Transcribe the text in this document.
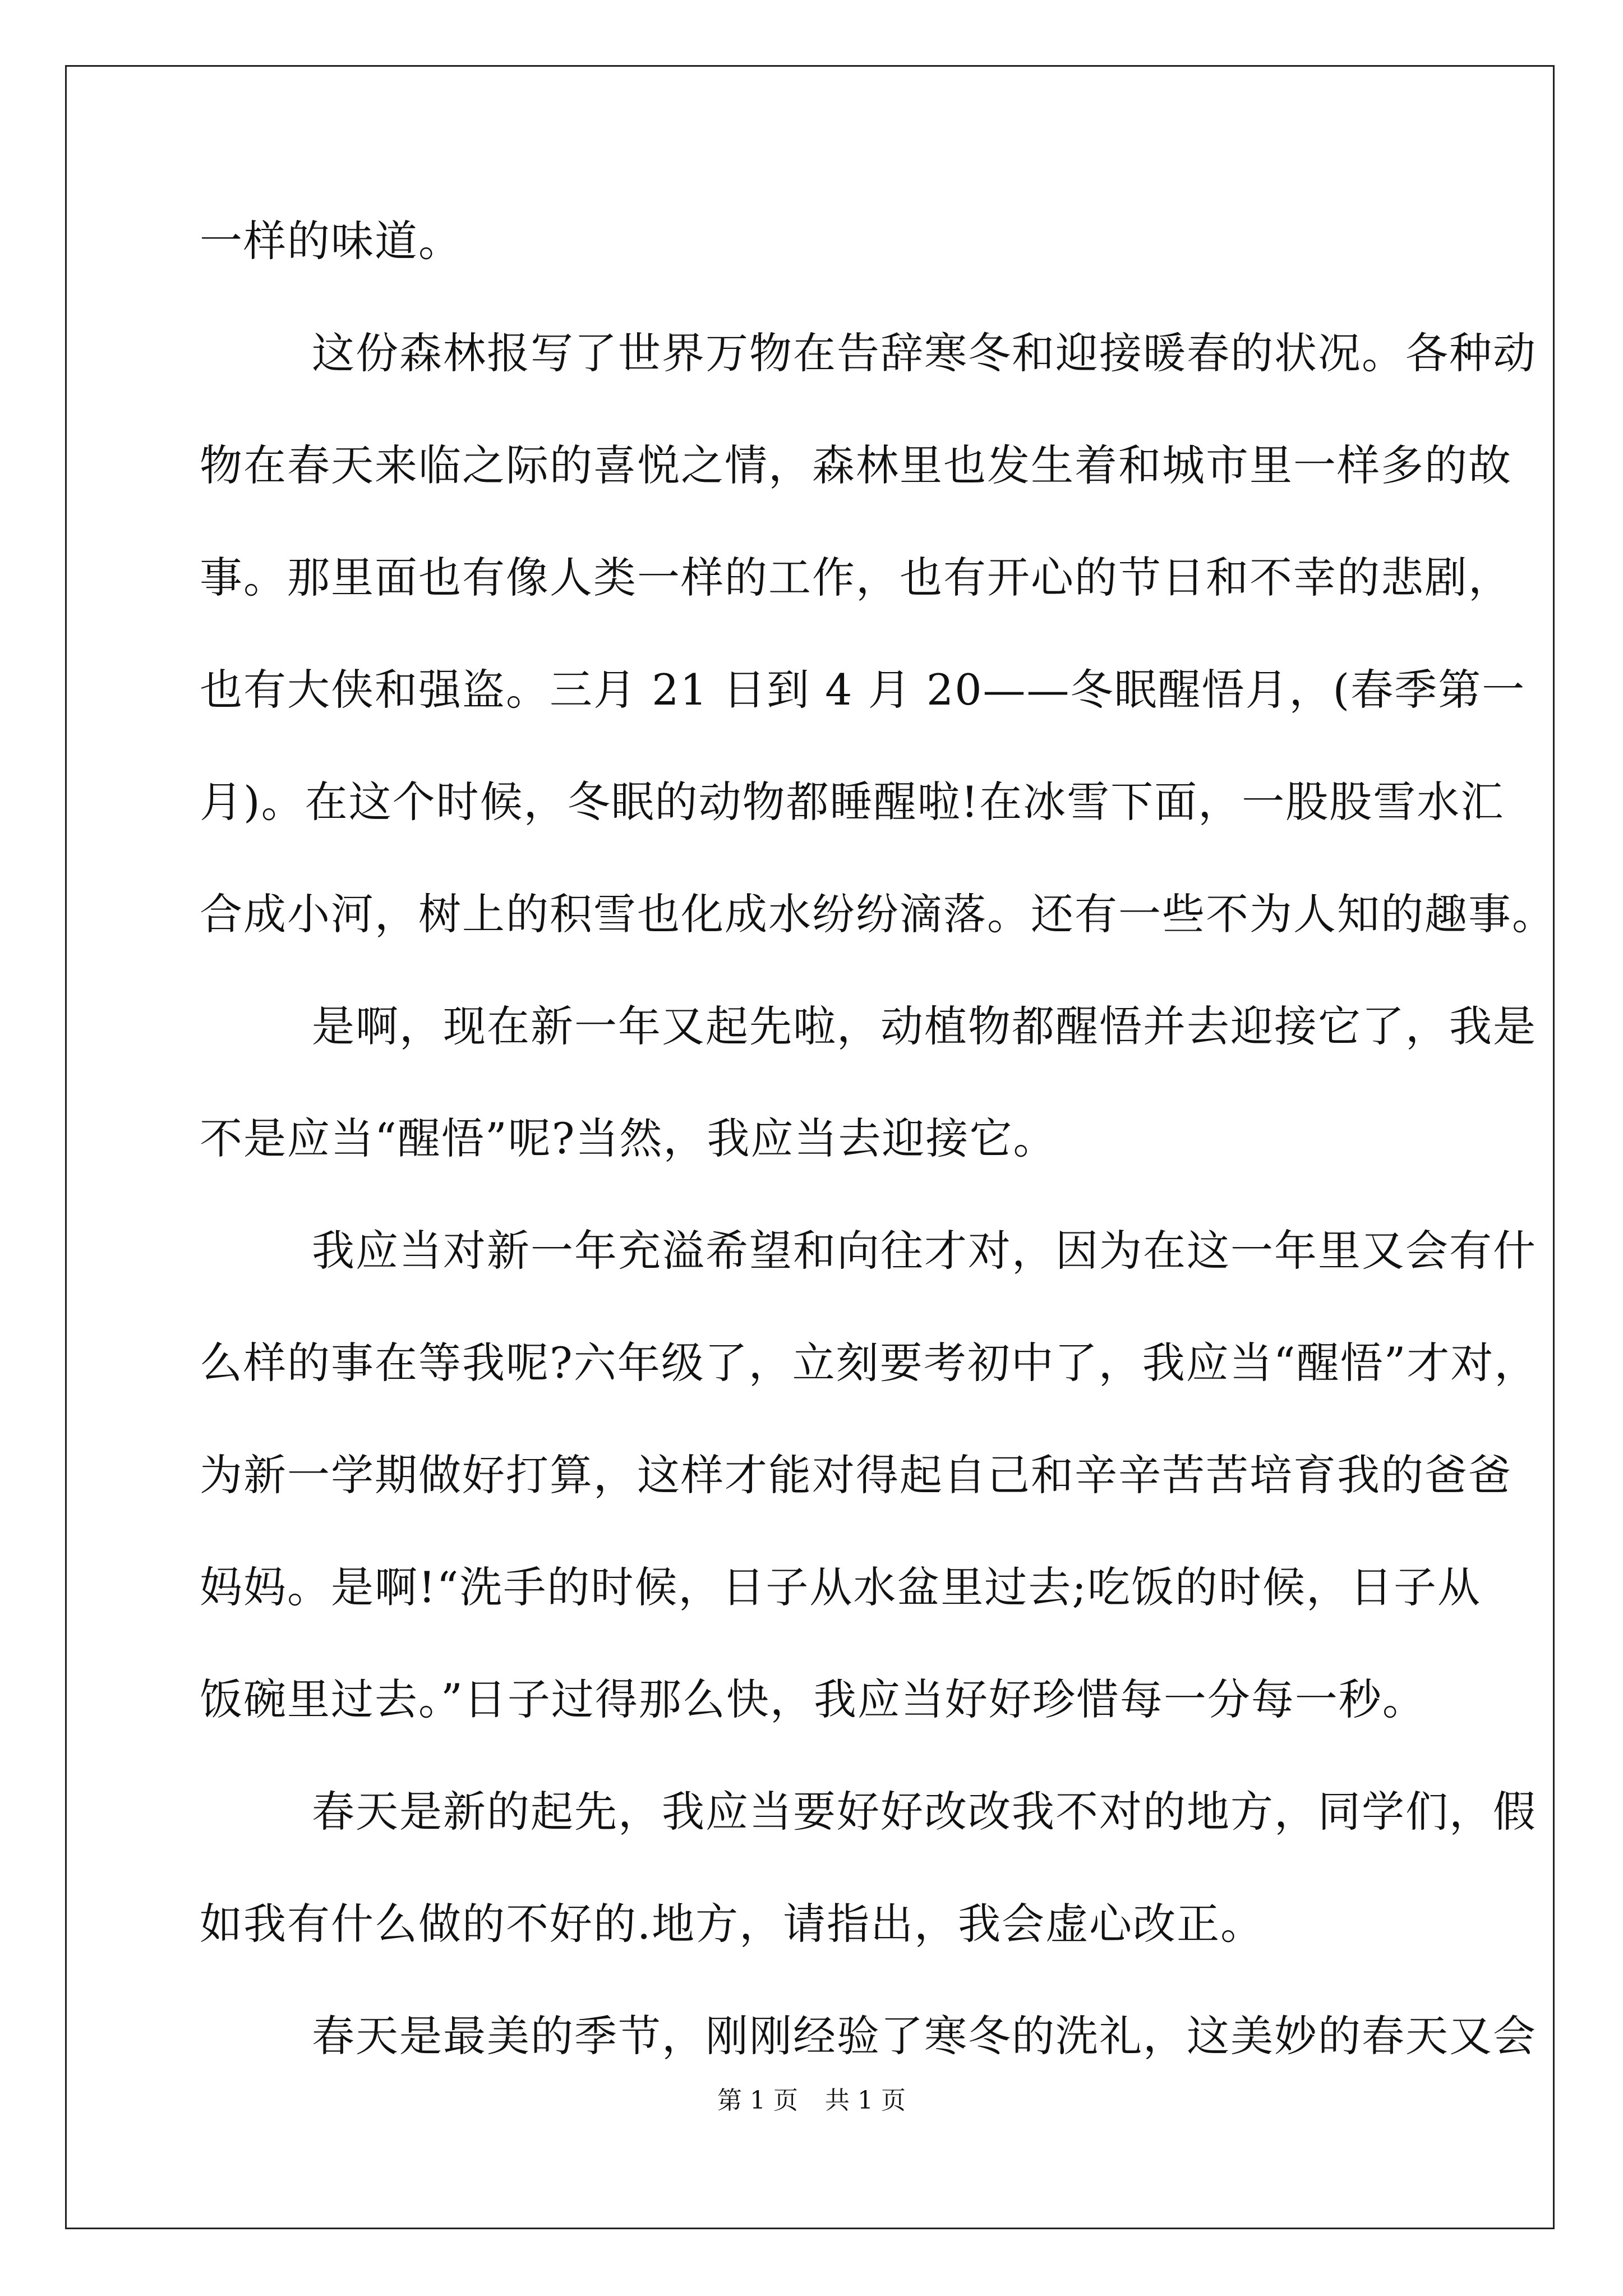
一样的味道。
这份森林报写了世界万物在告辞寒冬和迎接暖春的状况。各种动
物在春天来临之际的喜悦之情，森林里也发生着和城市里一样多的故
事。那里面也有像人类一样的工作，也有开心的节日和不幸的悲剧，
也有大侠和强盗。三月 21 日到 4 月 20——冬眠醒悟月，(春季第一
月)。在这个时候，冬眠的动物都睡醒啦!在冰雪下面，一股股雪水汇
合成小河，树上的积雪也化成水纷纷滴落。还有一些不为人知的趣事。
是啊，现在新一年又起先啦，动植物都醒悟并去迎接它了，我是
不是应当“醒悟”呢?当然，我应当去迎接它。
我应当对新一年充溢希望和向往才对，因为在这一年里又会有什
么样的事在等我呢?六年级了，立刻要考初中了，我应当“醒悟”才对，
为新一学期做好打算，这样才能对得起自己和辛辛苦苦培育我的爸爸
妈妈。是啊!“洗手的时候，日子从水盆里过去;吃饭的时候，日子从
饭碗里过去。”日子过得那么快，我应当好好珍惜每一分每一秒。
春天是新的起先，我应当要好好改改我不对的地方，同学们，假
如我有什么做的不好的.地方，请指出，我会虚心改正。
春天是最美的季节，刚刚经验了寒冬的洗礼，这美妙的春天又会
第 1 页 共 1 页
